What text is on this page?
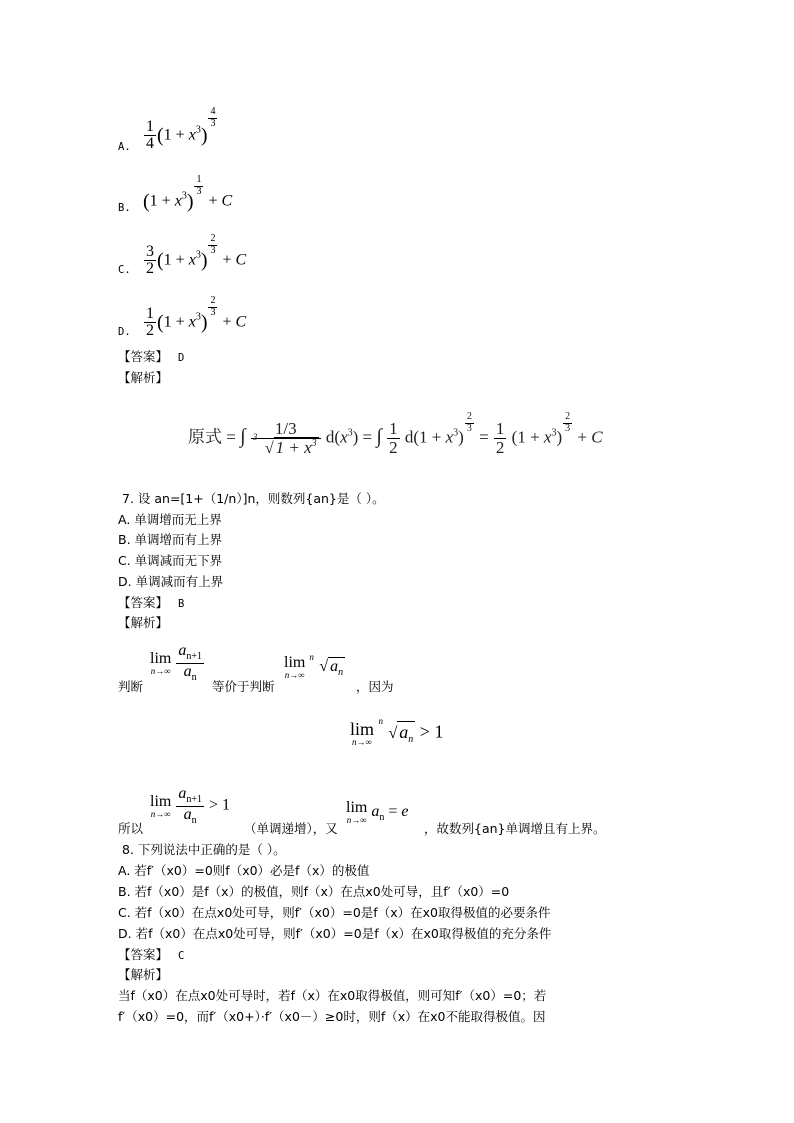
A. $\frac{1}{4} (1 + x^3)$
$\frac{4}{3}$
B. $(1 + x^3)$
$\frac{1}{3}$
+ C
C. $\frac{3}{2} (1 + x^3)$
$\frac{2}{3}$
+ C
D. $\frac{1}{2} (1 + x^3)$
$\frac{2}{3}$
+ C
【答案】 D
【解析】
原式 = ∫ 1/3
3
√ $1 + x^3$ $d(x^3)$ = ∫ $\frac{1}{2} d(1 + x^3)$
$\frac{2}{3}$
= $\frac{1}{2} (1 + x^3)$
$\frac{2}{3}$
+ C
7. 设 an=[1+（1/n）]n，则数列{an}是（ ）。
A. 单调增而无上界
B. 单调增而有上界
C. 单调减而无下界
D. 单调减而有上界
【答案】 B
【解析】
判断
lim
n→∞
$\frac{a_{n+1}}{a_n}$
等价于判断
lim
n→∞

n
√ $a_n$
，因为
lim
n→∞

n
√ $a_n > 1$
所以
lim
n→∞
$\frac{a_{n+1}}{a_n} > 1$
（单调递增），又
lim
n→∞ $a_n = e$
，故数列{an}单调增且有上界。
8. 下列说法中正确的是（ ）。
A. 若f′（x0）=0则f（x0）必是f（x）的极值
B. 若f（x0）是f（x）的极值，则f（x）在点x0处可导，且f′（x0）=0
C. 若f（x0）在点x0处可导，则f′（x0）=0是f（x）在x0取得极值的必要条件
D. 若f（x0）在点x0处可导，则f′（x0）=0是f（x）在x0取得极值的充分条件
【答案】 C
【解析】
当f（x0）在点x0处可导时，若f（x）在x0取得极值，则可知f′（x0）=0；若
f′（x0）=0，而f′（x0+）·f′（x0－）≥0时，则f（x）在x0不能取得极值。因
